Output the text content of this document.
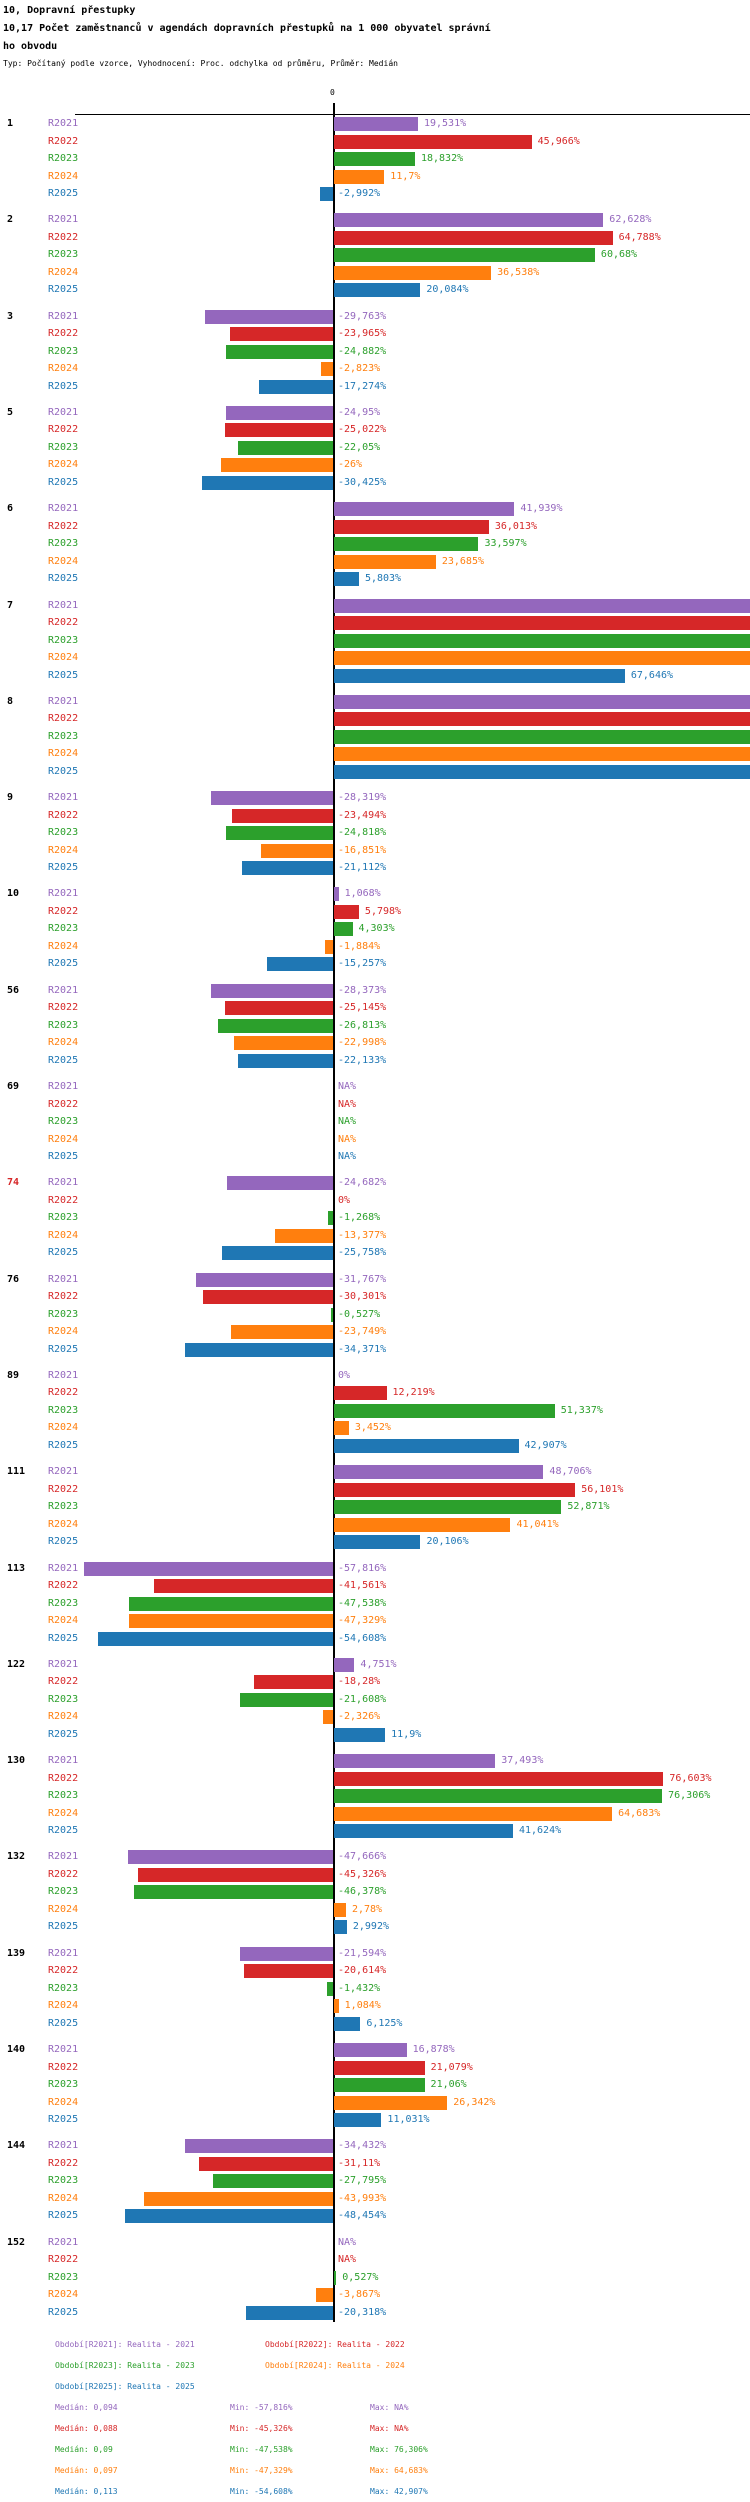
10, Dopravní přestupky
10,17 Počet zaměstnanců v agendách dopravních přestupků na 1 000 obyvatel správní
ho obvodu
Typ: Počítaný podle vzorce, Vyhodnocení: Proc. odchylka od průměru, Průměr: Medián
0
1	R2021	19,531%
R2022	45,966%
R2023	18,832%
R2024	11,7%
R2025	-2,992%
2	R2021	62,628%
R2022	64,788%
R2023	60,68%
R2024	36,538%
R2025	20,084%
3	R2021	-29,763%
R2022	-23,965%
R2023	-24,882%
R2024	-2,823%
R2025	-17,274%
5	R2021	-24,95%
R2022	-25,022%
R2023	-22,05%
R2024	-26%
R2025	-30,425%
6	R2021	41,939%
R2022	36,013%
R2023	33,597%
R2024	23,685%
R2025	5,803%
7	R2021
R2022
R2023
R2024
R2025	67,646%
8	R2021
R2022
R2023
R2024
R2025
9	R2021	-28,319%
R2022	-23,494%
R2023	-24,818%
R2024	-16,851%
R2025	-21,112%
10	R2021	1,068%
R2022	5,798%
R2023	4,303%
R2024	-1,884%
R2025	-15,257%
56	R2021	-28,373%
R2022	-25,145%
R2023	-26,813%
R2024	-22,998%
R2025	-22,133%
69	R2021	NA%
R2022	NA%
R2023	NA%
R2024	NA%
R2025	NA%
74	R2021	-24,682%
R2022	0%
R2023	-1,268%
R2024	-13,377%
R2025	-25,758%
76	R2021	-31,767%
R2022	-30,301%
R2023	-0,527%
R2024	-23,749%
R2025	-34,371%
89	R2021	0%
R2022	12,219%
R2023	51,337%
R2024	3,452%
R2025	42,907%
111 R2021	48,706%
R2022	56,101%
R2023	52,871%
R2024	41,041%
R2025	20,106%
113 R2021	-57,816%
R2022	-41,561%
R2023	-47,538%
R2024	-47,329%
R2025	-54,608%
122 R2021	4,751%
R2022	-18,28%
R2023	-21,608%
R2024	-2,326%
R2025	11,9%
130 R2021	37,493%
R2022	76,603%
R2023	76,306%
R2024	64,683%
R2025	41,624%
132 R2021	-47,666%
R2022	-45,326%
R2023	-46,378%
R2024	2,78%
R2025	2,992%
139 R2021	-21,594%
R2022	-20,614%
R2023	-1,432%
R2024	1,084%
R2025	6,125%
140 R2021	16,878%
R2022	21,079%
R2023	21,06%
R2024	26,342%
R2025	11,031%
144 R2021	-34,432%
R2022	-31,11%
R2023	-27,795%
R2024	-43,993%
R2025	-48,454%
152 R2021	NA%
R2022	NA%
R2023	0,527%
R2024	-3,867%
R2025	-20,318%
Období[R2021]: Realita - 2021	Období[R2022]: Realita - 2022
Období[R2023]: Realita - 2023	Období[R2024]: Realita - 2024
Období[R2025]: Realita - 2025
Medián: 0,094	Min: -57,816%	Max: NA%
Medián: 0,088	Min: -45,326%	Max: NA%
Medián: 0,09	Min: -47,538%	Max: 76,306%
Medián: 0,097	Min: -47,329%	Max: 64,683%
Medián: 0,113	Min: -54,608%	Max: 42,907%
